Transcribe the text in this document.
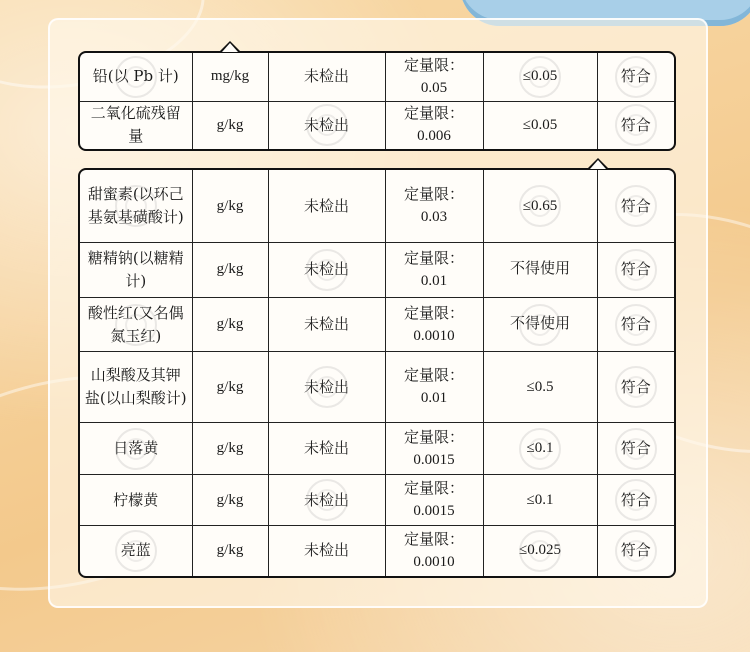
铅(以 Pb 计)	mg/kg	未检出	定量限：
0.05	≤0.05	符合

二氧化硫残留量	g/kg	未检出	定量限：
0.006	≤0.05	符合
甜蜜素(以环己基氨基磺酸计)	g/kg	未检出	定量限：
0.03	≤0.65	符合

糖精钠(以糖精计)	g/kg	未检出	定量限：
0.01	不得使用	符合

酸性红(又名偶氮玉红)	g/kg	未检出	定量限：
0.0010	不得使用	符合

山梨酸及其钾盐(以山梨酸计)	g/kg	未检出	定量限：
0.01	≤0.5	符合

日落黄	g/kg	未检出	定量限：
0.0015	≤0.1	符合

柠檬黄	g/kg	未检出	定量限：
0.0015	≤0.1	符合

亮蓝	g/kg	未检出	定量限：
0.0010	≤0.025	符合
